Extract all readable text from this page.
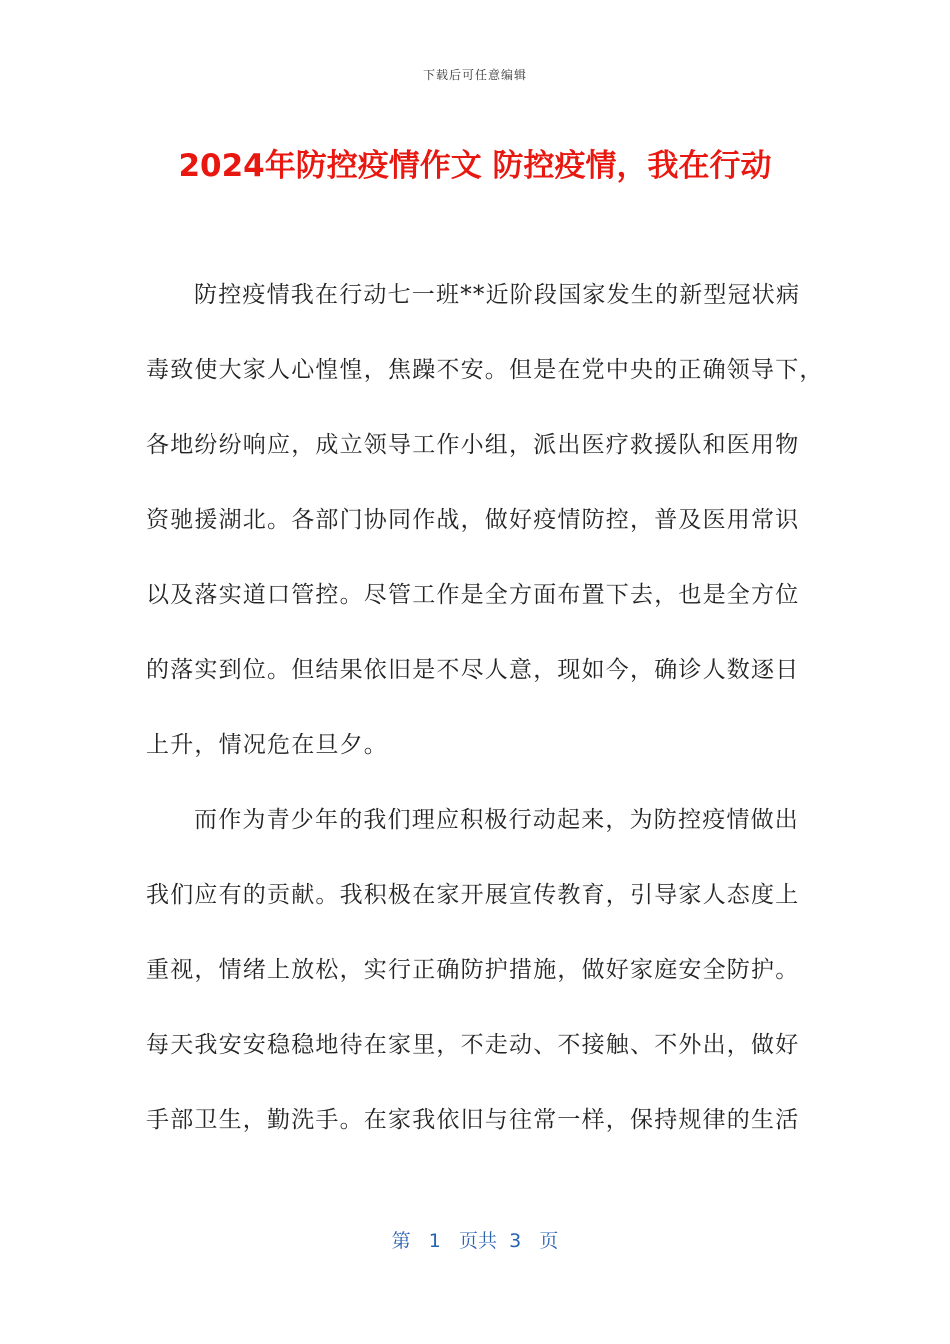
下载后可任意编辑
2024年防控疫情作文 防控疫情，我在行动
防控疫情我在行动七一班**近阶段国家发生的新型冠状病
毒致使大家人心惶惶，焦躁不安。但是在党中央的正确领导下，
各地纷纷响应，成立领导工作小组，派出医疗救援队和医用物
资驰援湖北。各部门协同作战，做好疫情防控，普及医用常识
以及落实道口管控。尽管工作是全方面布置下去，也是全方位
的落实到位。但结果依旧是不尽人意，现如今，确诊人数逐日
上升，情况危在旦夕。
而作为青少年的我们理应积极行动起来，为防控疫情做出
我们应有的贡献。我积极在家开展宣传教育，引导家人态度上
重视，情绪上放松，实行正确防护措施，做好家庭安全防护。
每天我安安稳稳地待在家里，不走动、不接触、不外出，做好
手部卫生，勤洗手。在家我依旧与往常一样，保持规律的生活
第 1 页共 3 页
